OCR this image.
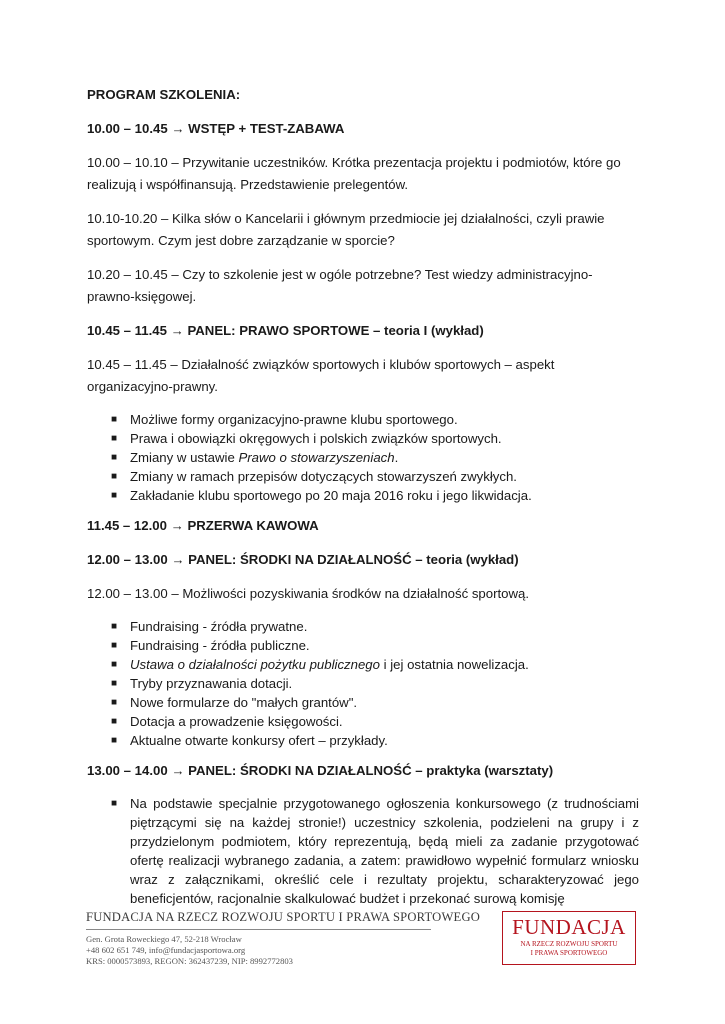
PROGRAM SZKOLENIA:
10.00 – 10.45 → WSTĘP + TEST-ZABAWA
10.00 – 10.10 – Przywitanie uczestników. Krótka prezentacja projektu i podmiotów, które go realizują i współfinansują. Przedstawienie prelegentów.
10.10-10.20 – Kilka słów o Kancelarii i głównym przedmiocie jej działalności, czyli prawie sportowym. Czym jest dobre zarządzanie w sporcie?
10.20 – 10.45 – Czy to szkolenie jest w ogóle potrzebne? Test wiedzy administracyjno-prawno-księgowej.
10.45 – 11.45 → PANEL: PRAWO SPORTOWE – teoria I (wykład)
10.45 – 11.45 – Działalność związków sportowych i klubów sportowych – aspekt organizacyjno-prawny.
■ Możliwe formy organizacyjno-prawne klubu sportowego.
■ Prawa i obowiązki okręgowych i polskich związków sportowych.
■ Zmiany w ustawie Prawo o stowarzyszeniach.
■ Zmiany w ramach przepisów dotyczących stowarzyszeń zwykłych.
■ Zakładanie klubu sportowego po 20 maja 2016 roku i jego likwidacja.
11.45 – 12.00 → PRZERWA KAWOWA
12.00 – 13.00 → PANEL: ŚRODKI NA DZIAŁALNOŚĆ – teoria (wykład)
12.00 – 13.00 – Możliwości pozyskiwania środków na działalność sportową.
■ Fundraising - źródła prywatne.
■ Fundraising - źródła publiczne.
■ Ustawa o działalności pożytku publicznego i jej ostatnia nowelizacja.
■ Tryby przyznawania dotacji.
■ Nowe formularze do "małych grantów".
■ Dotacja a prowadzenie księgowości.
■ Aktualne otwarte konkursy ofert – przykłady.
13.00 – 14.00 → PANEL: ŚRODKI NA DZIAŁALNOŚĆ – praktyka (warsztaty)
■ Na podstawie specjalnie przygotowanego ogłoszenia konkursowego (z trudnościami piętrzącymi się na każdej stronie!) uczestnicy szkolenia, podzieleni na grupy i z przydzielonym podmiotem, który reprezentują, będą mieli za zadanie przygotować ofertę realizacji wybranego zadania, a zatem: prawidłowo wypełnić formularz wniosku wraz z załącznikami, określić cele i rezultaty projektu, scharakteryzować jego beneficjentów, racjonalnie skalkulować budżet i przekonać surową komisję
FUNDACJA NA RZECZ ROZWOJU SPORTU I PRAWA SPORTOWEGO
Gen. Grota Roweckiego 47, 52-218 Wrocław
+48 602 651 749, info@fundacjasportowa.org
KRS: 0000573893, REGON: 362437239, NIP: 8992772803
FUNDACJA
NA RZECZ ROZWOJU SPORTU
I PRAWA SPORTOWEGO
